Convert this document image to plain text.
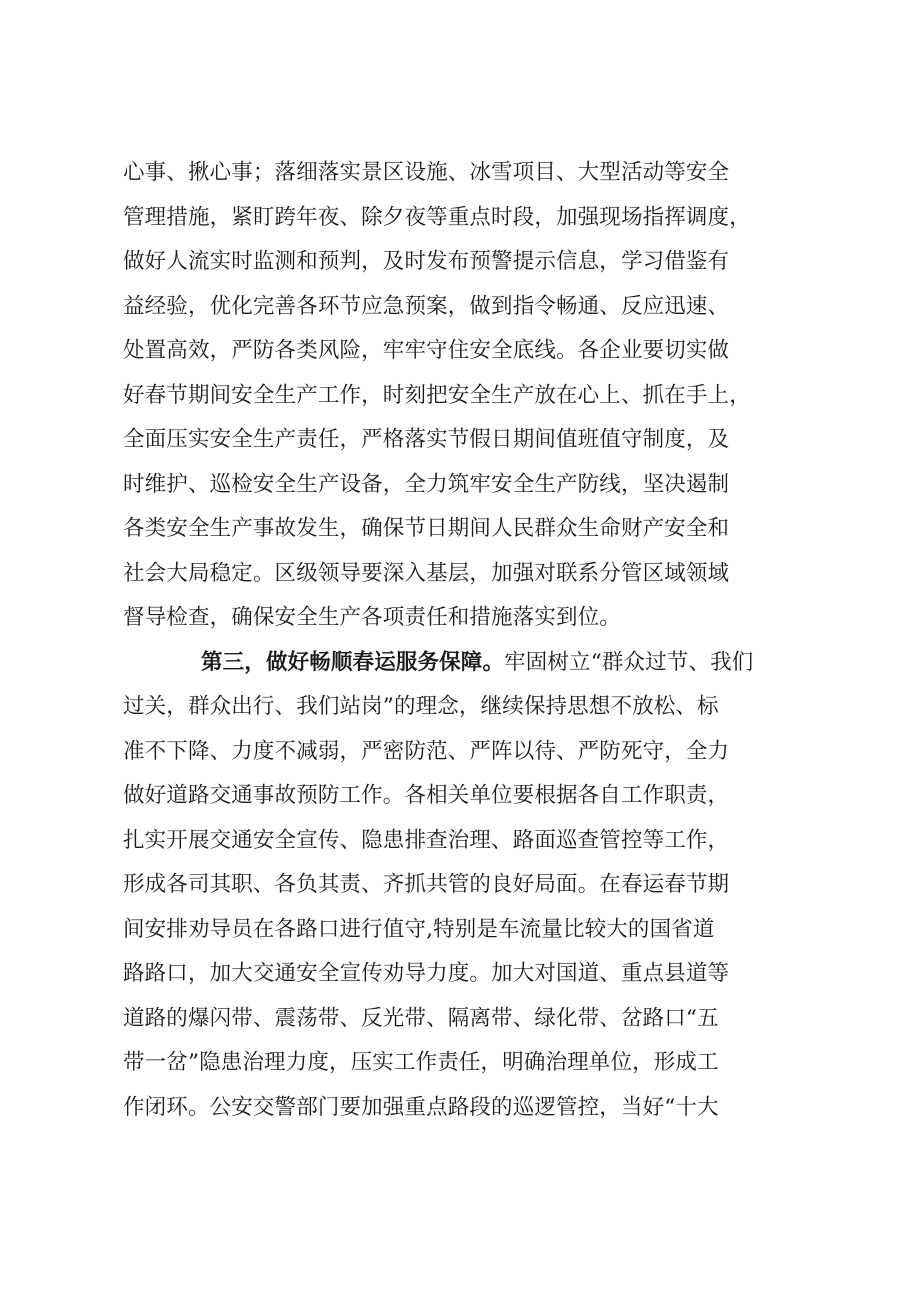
心事、揪心事；落细落实景区设施、冰雪项目、大型活动等安全
管理措施，紧盯跨年夜、除夕夜等重点时段，加强现场指挥调度，
做好人流实时监测和预判，及时发布预警提示信息，学习借鉴有
益经验，优化完善各环节应急预案，做到指令畅通、反应迅速、
处置高效，严防各类风险，牢牢守住安全底线。各企业要切实做
好春节期间安全生产工作，时刻把安全生产放在心上、抓在手上，
全面压实安全生产责任，严格落实节假日期间值班值守制度，及
时维护、巡检安全生产设备，全力筑牢安全生产防线，坚决遏制
各类安全生产事故发生，确保节日期间人民群众生命财产安全和
社会大局稳定。区级领导要深入基层，加强对联系分管区域领域
督导检查，确保安全生产各项责任和措施落实到位。
第三，做好畅顺春运服务保障。牢固树立“群众过节、我们
过关，群众出行、我们站岗”的理念，继续保持思想不放松、标
准不下降、力度不减弱，严密防范、严阵以待、严防死守，全力
做好道路交通事故预防工作。各相关单位要根据各自工作职责，
扎实开展交通安全宣传、隐患排查治理、路面巡查管控等工作，
形成各司其职、各负其责、齐抓共管的良好局面。在春运春节期
间安排劝导员在各路口进行值守,特别是车流量比较大的国省道
路路口，加大交通安全宣传劝导力度。加大对国道、重点县道等
道路的爆闪带、震荡带、反光带、隔离带、绿化带、岔路口“五
带一岔”隐患治理力度，压实工作责任，明确治理单位，形成工
作闭环。公安交警部门要加强重点路段的巡逻管控，当好“十大
